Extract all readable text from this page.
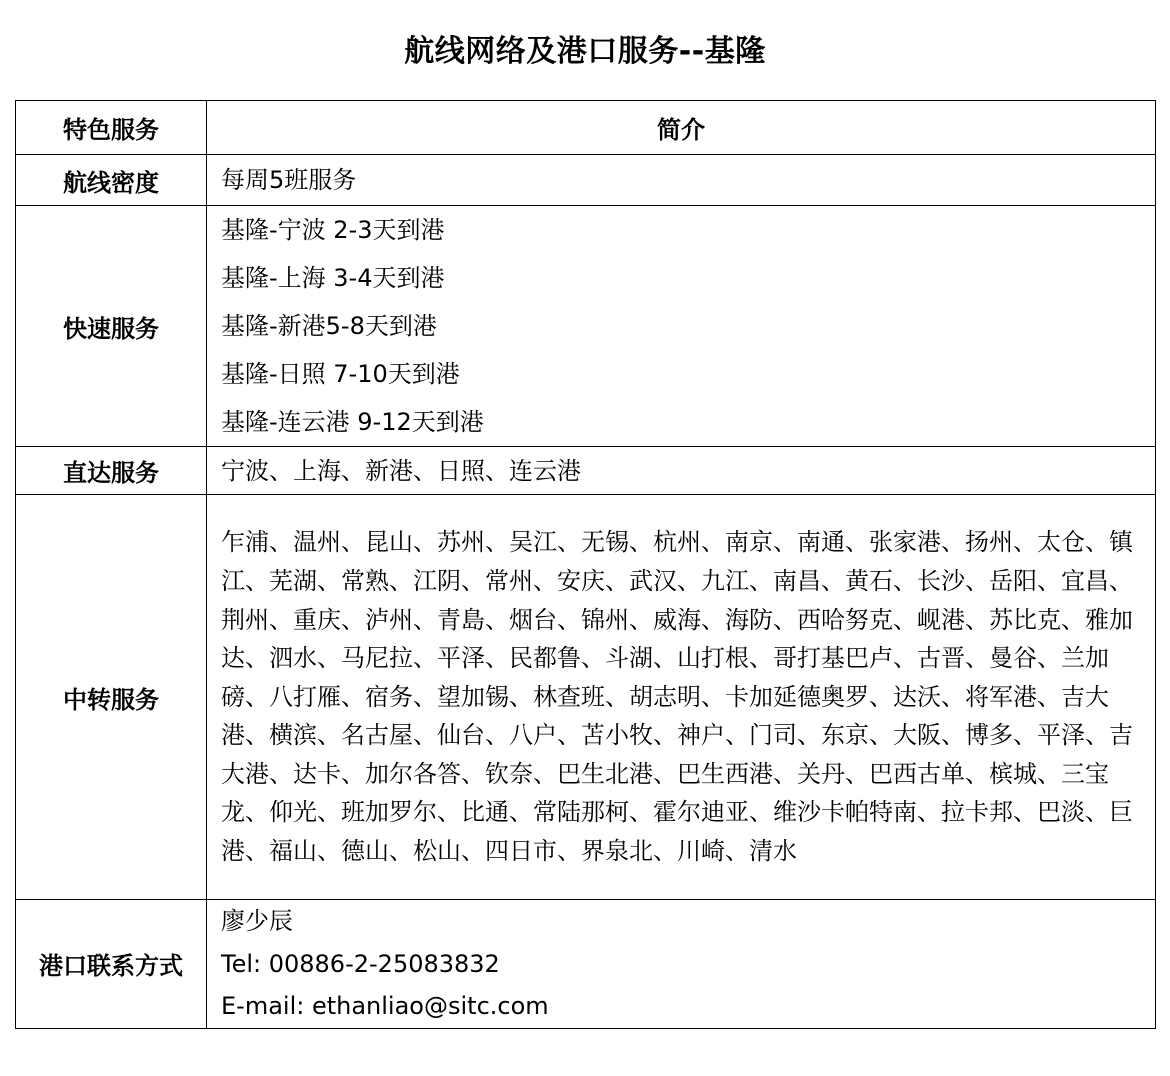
航线网络及港口服务--基隆
特色服务	简介
航线密度	每周5班服务
快速服务	基隆-宁波 2-3天到港
基隆-上海 3-4天到港
基隆-新港5-8天到港
基隆-日照 7-10天到港
基隆-连云港 9-12天到港

直达服务	宁波、上海、新港、日照、连云港
中转服务	乍浦、温州、昆山、苏州、吴江、无锡、杭州、南京、南通、张家港、扬州、太仓、镇江、芜湖、常熟、江阴、常州、安庆、武汉、九江、南昌、黄石、长沙、岳阳、宜昌、荆州、重庆、泸州、青島、烟台、锦州、威海、海防、西哈努克、岘港、苏比克、雅加达、泗水、马尼拉、平泽、民都鲁、斗湖、山打根、哥打基巴卢、古晋、曼谷、兰加磅、八打雁、宿务、望加锡、林查班、胡志明、卡加延德奥罗、达沃、将军港、吉大港、横滨、名古屋、仙台、八户、苫小牧、神户、门司、东京、大阪、博多、平泽、吉大港、达卡、加尔各答、钦奈、巴生北港、巴生西港、关丹、巴西古单、槟城、三宝龙、仰光、班加罗尔、比通、常陆那柯、霍尔迪亚、维沙卡帕特南、拉卡邦、巴淡、巨港、福山、德山、松山、四日市、界泉北、川崎、清水
港口联系方式	廖少辰
Tel: 00886-2-25083832
E-mail: ethanliao@sitc.com
